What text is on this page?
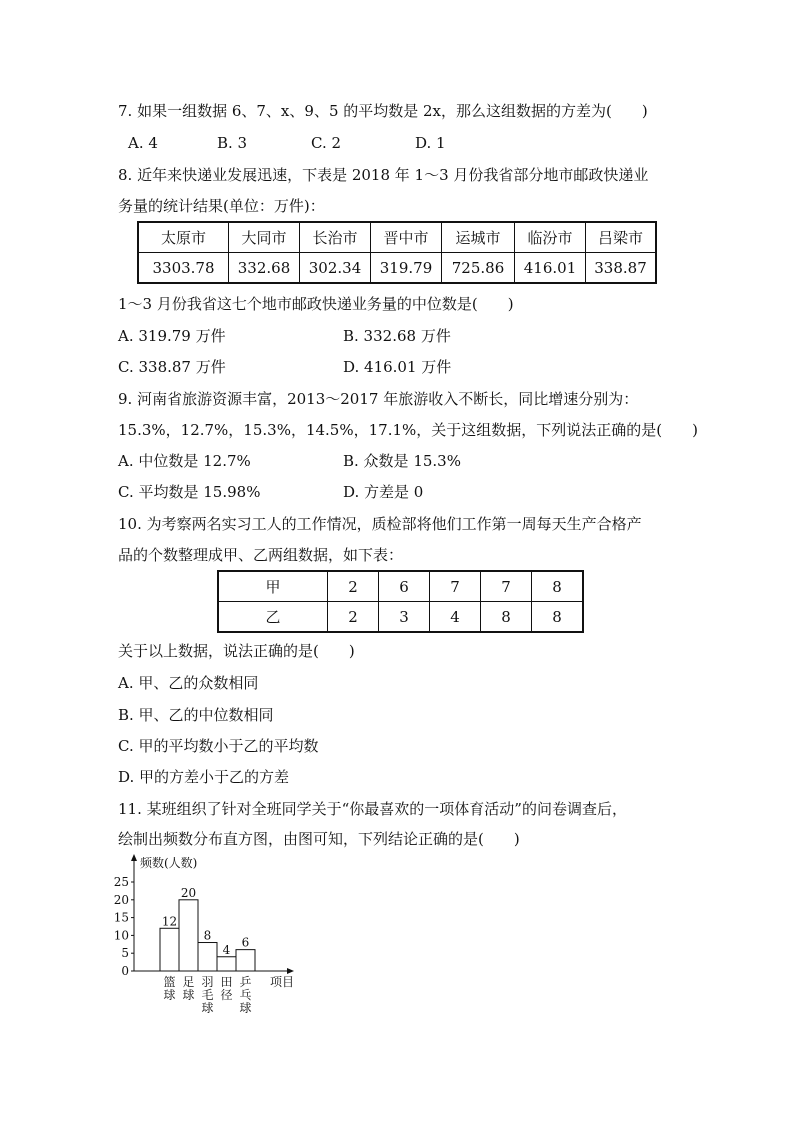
7. 如果一组数据 6、7、x、9、5 的平均数是 2x，那么这组数据的方差为(　　)
A. 4	B. 3	C. 2	D. 1
8. 近年来快递业发展迅速，下表是 2018 年 1～3 月份我省部分地市邮政快递业
务量的统计结果(单位：万件)：
太原市	大同市	长治市	晋中市	运城市	临汾市	吕梁市
3303.78	332.68	302.34	319.79	725.86	416.01	338.87
1～3 月份我省这七个地市邮政快递业务量的中位数是(　　)
A. 319.79 万件	B. 332.68 万件
C. 338.87 万件	D. 416.01 万件
9. 河南省旅游资源丰富，2013～2017 年旅游收入不断长，同比增速分别为：
15.3%，12.7%，15.3%，14.5%，17.1%，关于这组数据，下列说法正确的是(　　)
A. 中位数是 12.7%	B. 众数是 15.3%
C. 平均数是 15.98%	D. 方差是 0
10. 为考察两名实习工人的工作情况，质检部将他们工作第一周每天生产合格产
品的个数整理成甲、乙两组数据，如下表：
甲	2	6	7	7	8
乙	2	3	4	8	8
关于以上数据，说法正确的是(　　)
A. 甲、乙的众数相同
B. 甲、乙的中位数相同
C. 甲的平均数小于乙的平均数
D. 甲的方差小于乙的方差
11. 某班组织了针对全班同学关于“你最喜欢的一项体育活动”的问卷调查后，
绘制出频数分布直方图，由图可知，下列结论正确的是(　　)
频数(人数)
项目
0
5
10
15
20
25
12
篮
球
20
足
球
8
羽
毛
球
4
田
径
6
乒
乓
球
